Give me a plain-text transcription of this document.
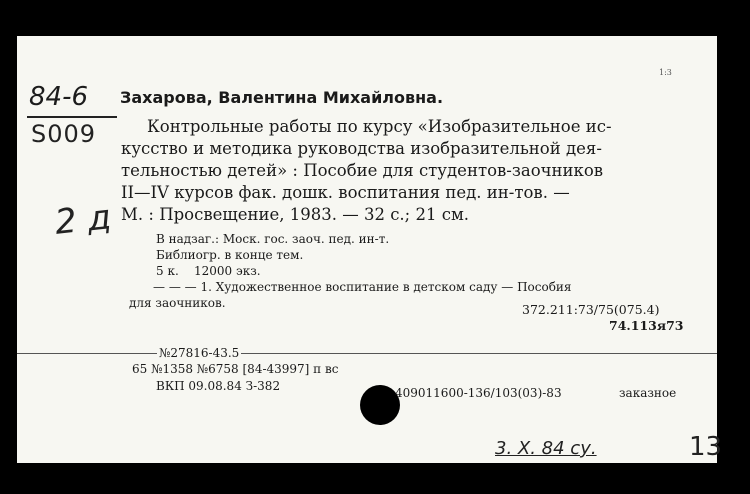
84-6
S009
2 д
1:3
Захарова, Валентина Михайловна.
Контрольные работы по курсу «Изобразительное ис-
кусство и методика руководства изобразительной дея-
тельностью детей» : Пособие для студентов-заочников
II—IV курсов фак. дошк. воспитания пед. ин-тов. —
М. : Просвещение, 1983. — 32 с.; 21 см.
В надзаг.: Моск. гос. заоч. пед. ин-т.
Библиогр. в конце тем.
5 к.    12000 экз.
— — — 1. Художественное воспитание в детском саду — Пособия
для заочников.	372.211:73/75(075.4)
74.113я73
№27816-43.5
65 №1358 №6758 [84-43997] п вс
ВКП 09.08.84 З-382	409011600-136/103(03)-83	заказное
3. X. 84 су.	13
